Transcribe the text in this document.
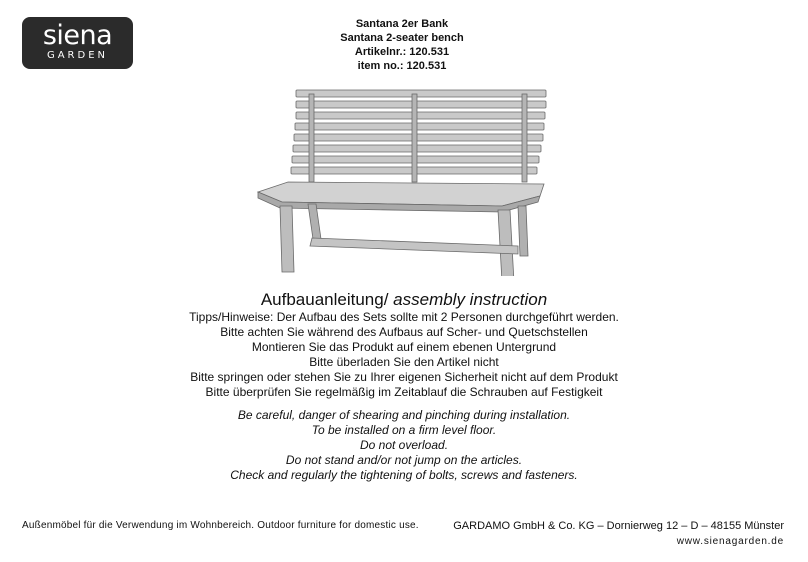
siena
GARDEN
Santana 2er Bank
Santana 2-seater bench
Artikelnr.: 120.531
item no.: 120.531
Aufbauanleitung/ assembly instruction
Tipps/Hinweise: Der Aufbau des Sets sollte mit 2 Personen durchgeführt werden.
Bitte achten Sie während des Aufbaus auf Scher- und Quetschstellen
Montieren Sie das Produkt auf einem ebenen Untergrund
Bitte überladen Sie den Artikel nicht
Bitte springen oder stehen Sie zu Ihrer eigenen Sicherheit nicht auf dem Produkt
Bitte überprüfen Sie regelmäßig im Zeitablauf die Schrauben auf Festigkeit
Be careful, danger of shearing and pinching during installation.
To be installed on a firm level floor.
Do not overload.
Do not stand and/or not jump on the articles.
Check and regularly the tightening of bolts, screws and fasteners.
Außenmöbel für die Verwendung im Wohnbereich. Outdoor furniture for domestic use.	GARDAMO GmbH & Co. KG – Dornierweg 12 – D – 48155 Münster
www.sienagarden.de
